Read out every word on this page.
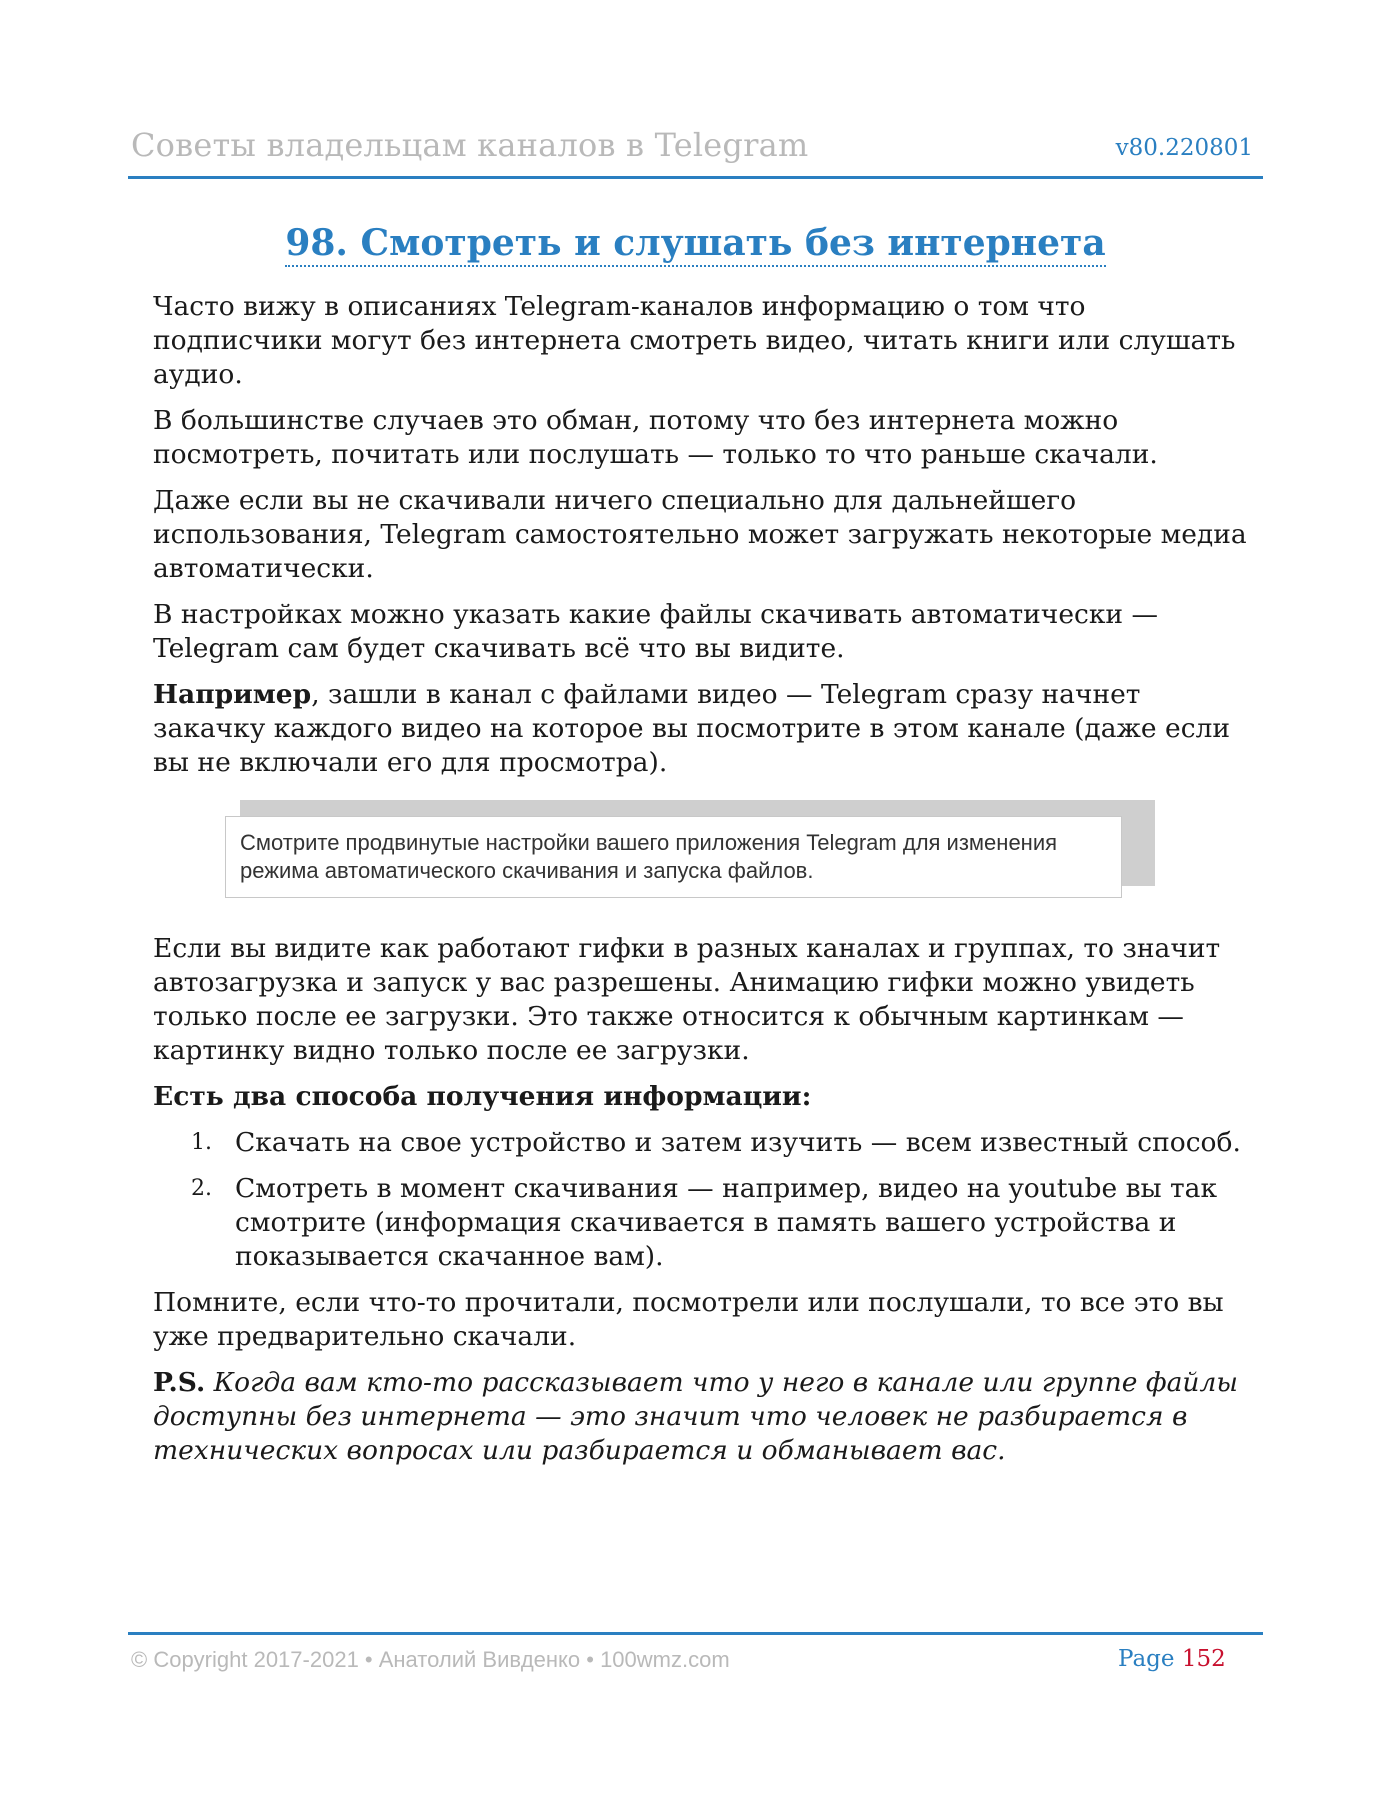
Советы владельцам каналов в Telegram	v80.220801
98. Смотреть и слушать без интернета

Часто вижу в описаниях Telegram-каналов информацию о том что подписчики могут без интернета смотреть видео, читать книги или слушать аудио.

В большинстве случаев это обман, потому что без интернета можно посмотреть, почитать или послушать — только то что раньше скачали.

Даже если вы не скачивали ничего специально для дальнейшего использования, Telegram самостоятельно может загружать некоторые медиа автоматически.

В настройках можно указать какие файлы скачивать автоматически — Telegram сам будет скачивать всё что вы видите.

Например, зашли в канал с файлами видео — Telegram сразу начнет закачку каждого видео на которое вы посмотрите в этом канале (даже если вы не включали его для просмотра).

Смотрите продвинутые настройки вашего приложения Telegram для изменения режима автоматического скачивания и запуска файлов.

Если вы видите как работают гифки в разных каналах и группах, то значит автозагрузка и запуск у вас разрешены. Анимацию гифки можно увидеть только после ее загрузки. Это также относится к обычным картинкам — картинку видно только после ее загрузки.

Есть два способа получения информации:

1. Скачать на свое устройство и затем изучить — всем известный способ.
2. Смотреть в момент скачивания — например, видео на youtube вы так смотрите (информация скачивается в память вашего устройства и показывается скачанное вам).

Помните, если что-то прочитали, посмотрели или послушали, то все это вы уже предварительно скачали.

P.S. Когда вам кто-то рассказывает что у него в канале или группе файлы доступны без интернета — это значит что человек не разбирается в технических вопросах или разбирается и обманывает вас.

© Copyright 2017-2021 • Анатолий Вивденко • 100wmz.com	Page 152
